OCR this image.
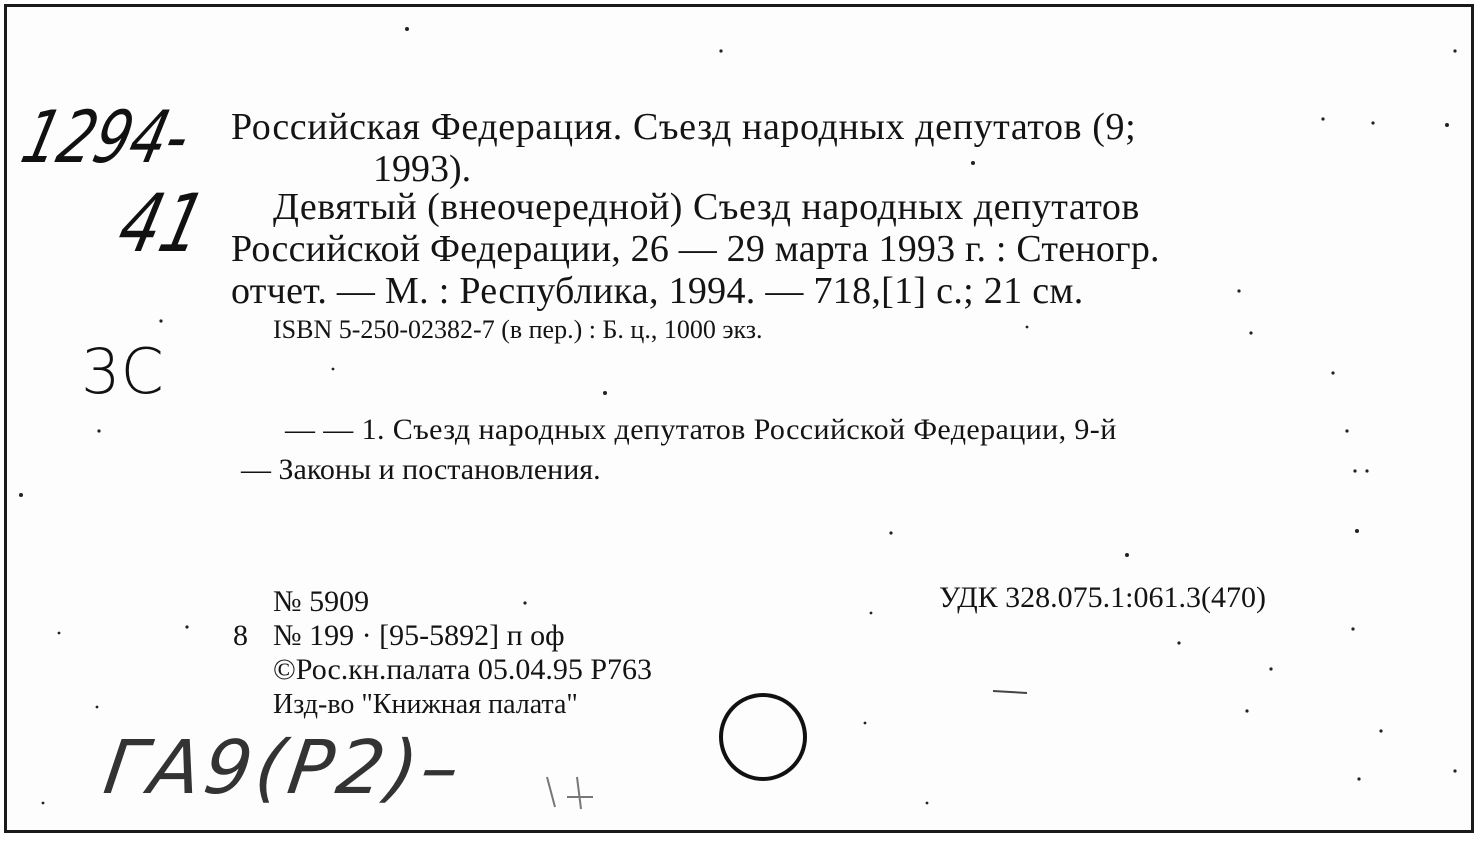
Российская Федерация. Съезд народных депутатов (9;
1993).
Девятый (внеочередной) Съезд народных депутатов
Российской Федерации, 26 — 29 марта 1993 г. : Стеногр.
отчет. — М. : Республика, 1994. — 718,[1] с.; 21 см.
ISBN 5-250-02382-7 (в пер.) : Б. ц., 1000 экз.
— — 1. Съезд народных депутатов Российской Федерации, 9-й
— Законы и постановления.
№ 5909	УДК 328.075.1:061.3(470)
8 № 199 · [95-5892] п оф
©Рос.кн.палата 05.04.95 Р763
Изд-во "Книжная палата"
1294-
41
3С
ГА9(Р2)–
